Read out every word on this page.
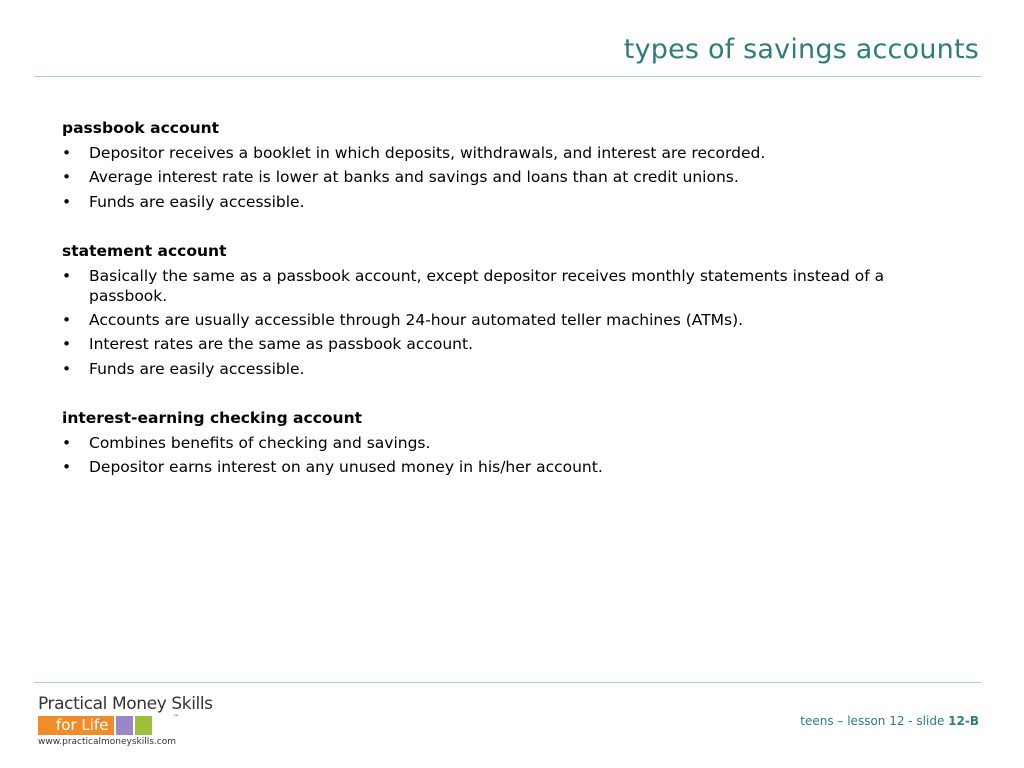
types of savings accounts

passbook account

•	Depositor receives a booklet in which deposits, withdrawals, and interest are recorded.
•	Average interest rate is lower at banks and savings and loans than at credit unions.
•	Funds are easily accessible.

statement account

•	Basically the same as a passbook account, except depositor receives monthly statements instead of a passbook.
•	Accounts are usually accessible through 24-hour automated teller machines (ATMs).
•	Interest rates are the same as passbook account.
•	Funds are easily accessible.

interest-earning checking account

•	Combines benefits of checking and savings.
•	Depositor earns interest on any unused money in his/her account.
Practical Money Skills
for Life	™
www.practicalmoneyskills.com
teens – lesson 12 - slide 12-B
